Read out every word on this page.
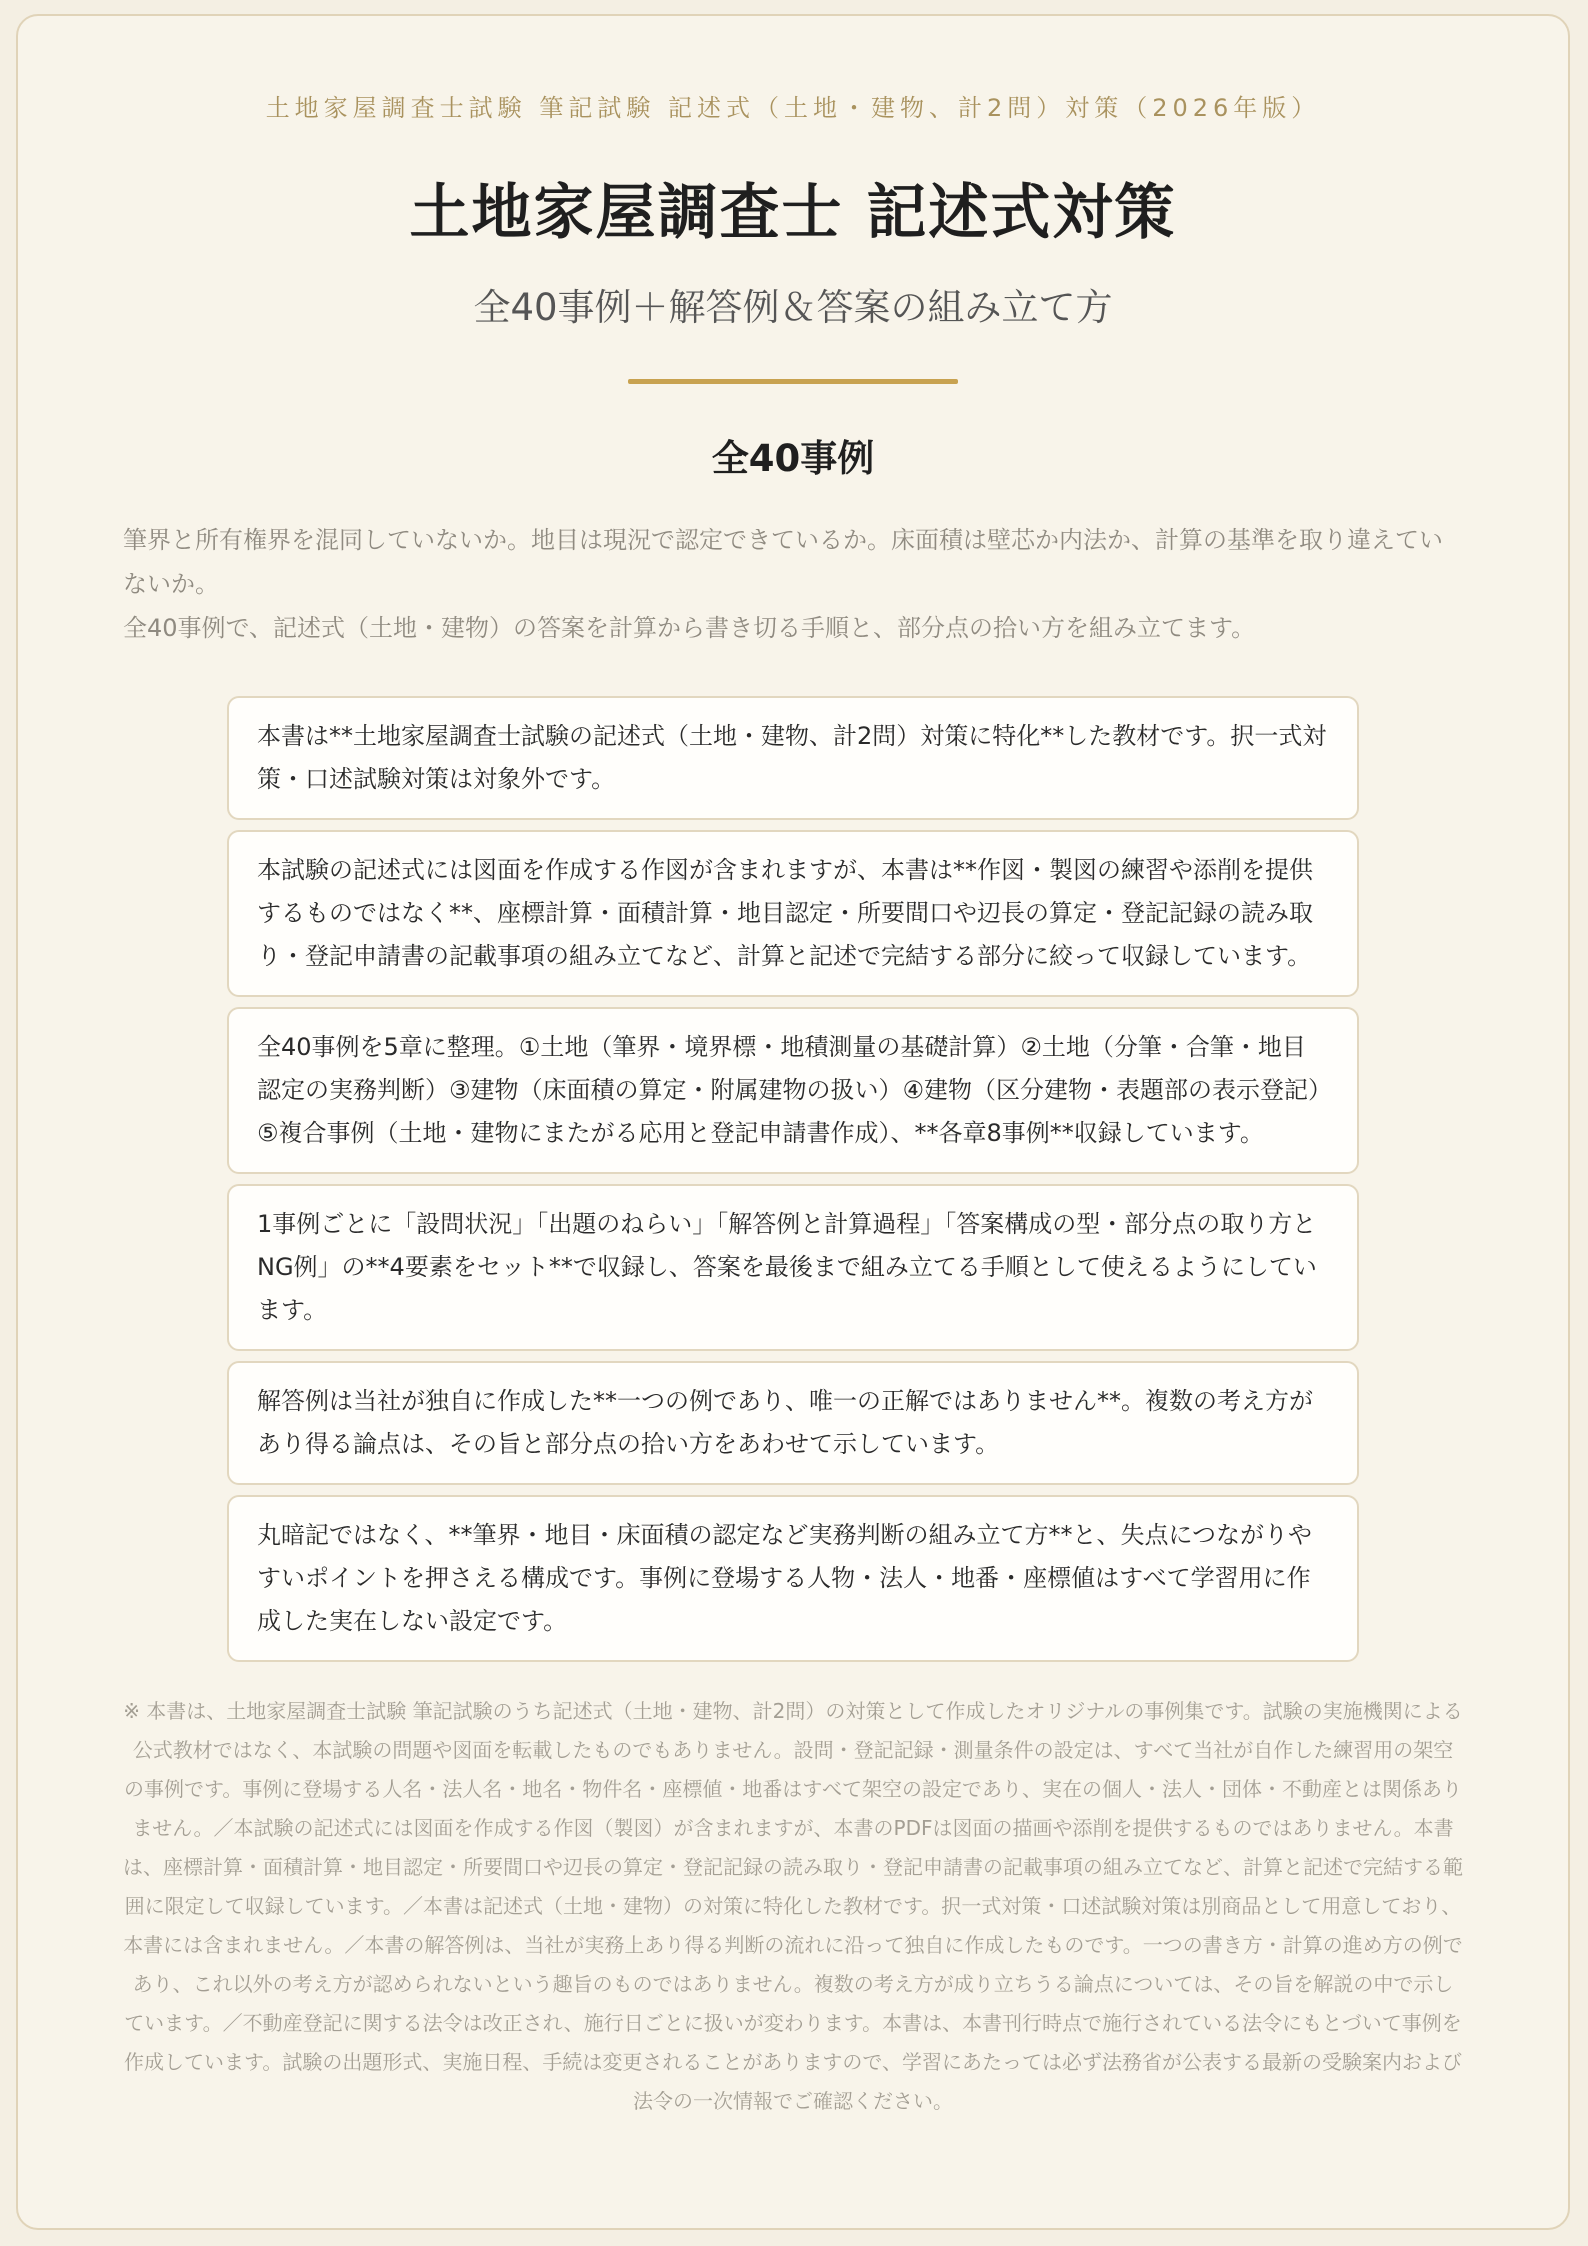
土地家屋調査士試験 筆記試験 記述式（土地・建物、計2問）対策（2026年版）
土地家屋調査士 記述式対策
全40事例＋解答例＆答案の組み立て方
全40事例
筆界と所有権界を混同していないか。地目は現況で認定できているか。床面積は壁芯か内法か、計算の基準を取り違えていないか。
全40事例で、記述式（土地・建物）の答案を計算から書き切る手順と、部分点の拾い方を組み立てます。
本書は**土地家屋調査士試験の記述式（土地・建物、計2問）対策に特化**した教材です。択一式対策・口述試験対策は対象外です。
本試験の記述式には図面を作成する作図が含まれますが、本書は**作図・製図の練習や添削を提供するものではなく**、座標計算・面積計算・地目認定・所要間口や辺長の算定・登記記録の読み取り・登記申請書の記載事項の組み立てなど、計算と記述で完結する部分に絞って収録しています。
全40事例を5章に整理。①土地（筆界・境界標・地積測量の基礎計算）②土地（分筆・合筆・地目認定の実務判断）③建物（床面積の算定・附属建物の扱い）④建物（区分建物・表題部の表示登記）⑤複合事例（土地・建物にまたがる応用と登記申請書作成）、**各章8事例**収録しています。
1事例ごとに「設問状況」「出題のねらい」「解答例と計算過程」「答案構成の型・部分点の取り方とNG例」の**4要素をセット**で収録し、答案を最後まで組み立てる手順として使えるようにしています。
解答例は当社が独自に作成した**一つの例であり、唯一の正解ではありません**。複数の考え方があり得る論点は、その旨と部分点の拾い方をあわせて示しています。
丸暗記ではなく、**筆界・地目・床面積の認定など実務判断の組み立て方**と、失点につながりやすいポイントを押さえる構成です。事例に登場する人物・法人・地番・座標値はすべて学習用に作成した実在しない設定です。
※ 本書は、土地家屋調査士試験 筆記試験のうち記述式（土地・建物、計2問）の対策として作成したオリジナルの事例集です。試験の実施機関による公式教材ではなく、本試験の問題や図面を転載したものでもありません。設問・登記記録・測量条件の設定は、すべて当社が自作した練習用の架空の事例です。事例に登場する人名・法人名・地名・物件名・座標値・地番はすべて架空の設定であり、実在の個人・法人・団体・不動産とは関係ありません。／本試験の記述式には図面を作成する作図（製図）が含まれますが、本書のPDFは図面の描画や添削を提供するものではありません。本書は、座標計算・面積計算・地目認定・所要間口や辺長の算定・登記記録の読み取り・登記申請書の記載事項の組み立てなど、計算と記述で完結する範囲に限定して収録しています。／本書は記述式（土地・建物）の対策に特化した教材です。択一式対策・口述試験対策は別商品として用意しており、本書には含まれません。／本書の解答例は、当社が実務上あり得る判断の流れに沿って独自に作成したものです。一つの書き方・計算の進め方の例であり、これ以外の考え方が認められないという趣旨のものではありません。複数の考え方が成り立ちうる論点については、その旨を解説の中で示しています。／不動産登記に関する法令は改正され、施行日ごとに扱いが変わります。本書は、本書刊行時点で施行されている法令にもとづいて事例を作成しています。試験の出題形式、実施日程、手続は変更されることがありますので、学習にあたっては必ず法務省が公表する最新の受験案内および法令の一次情報でご確認ください。
